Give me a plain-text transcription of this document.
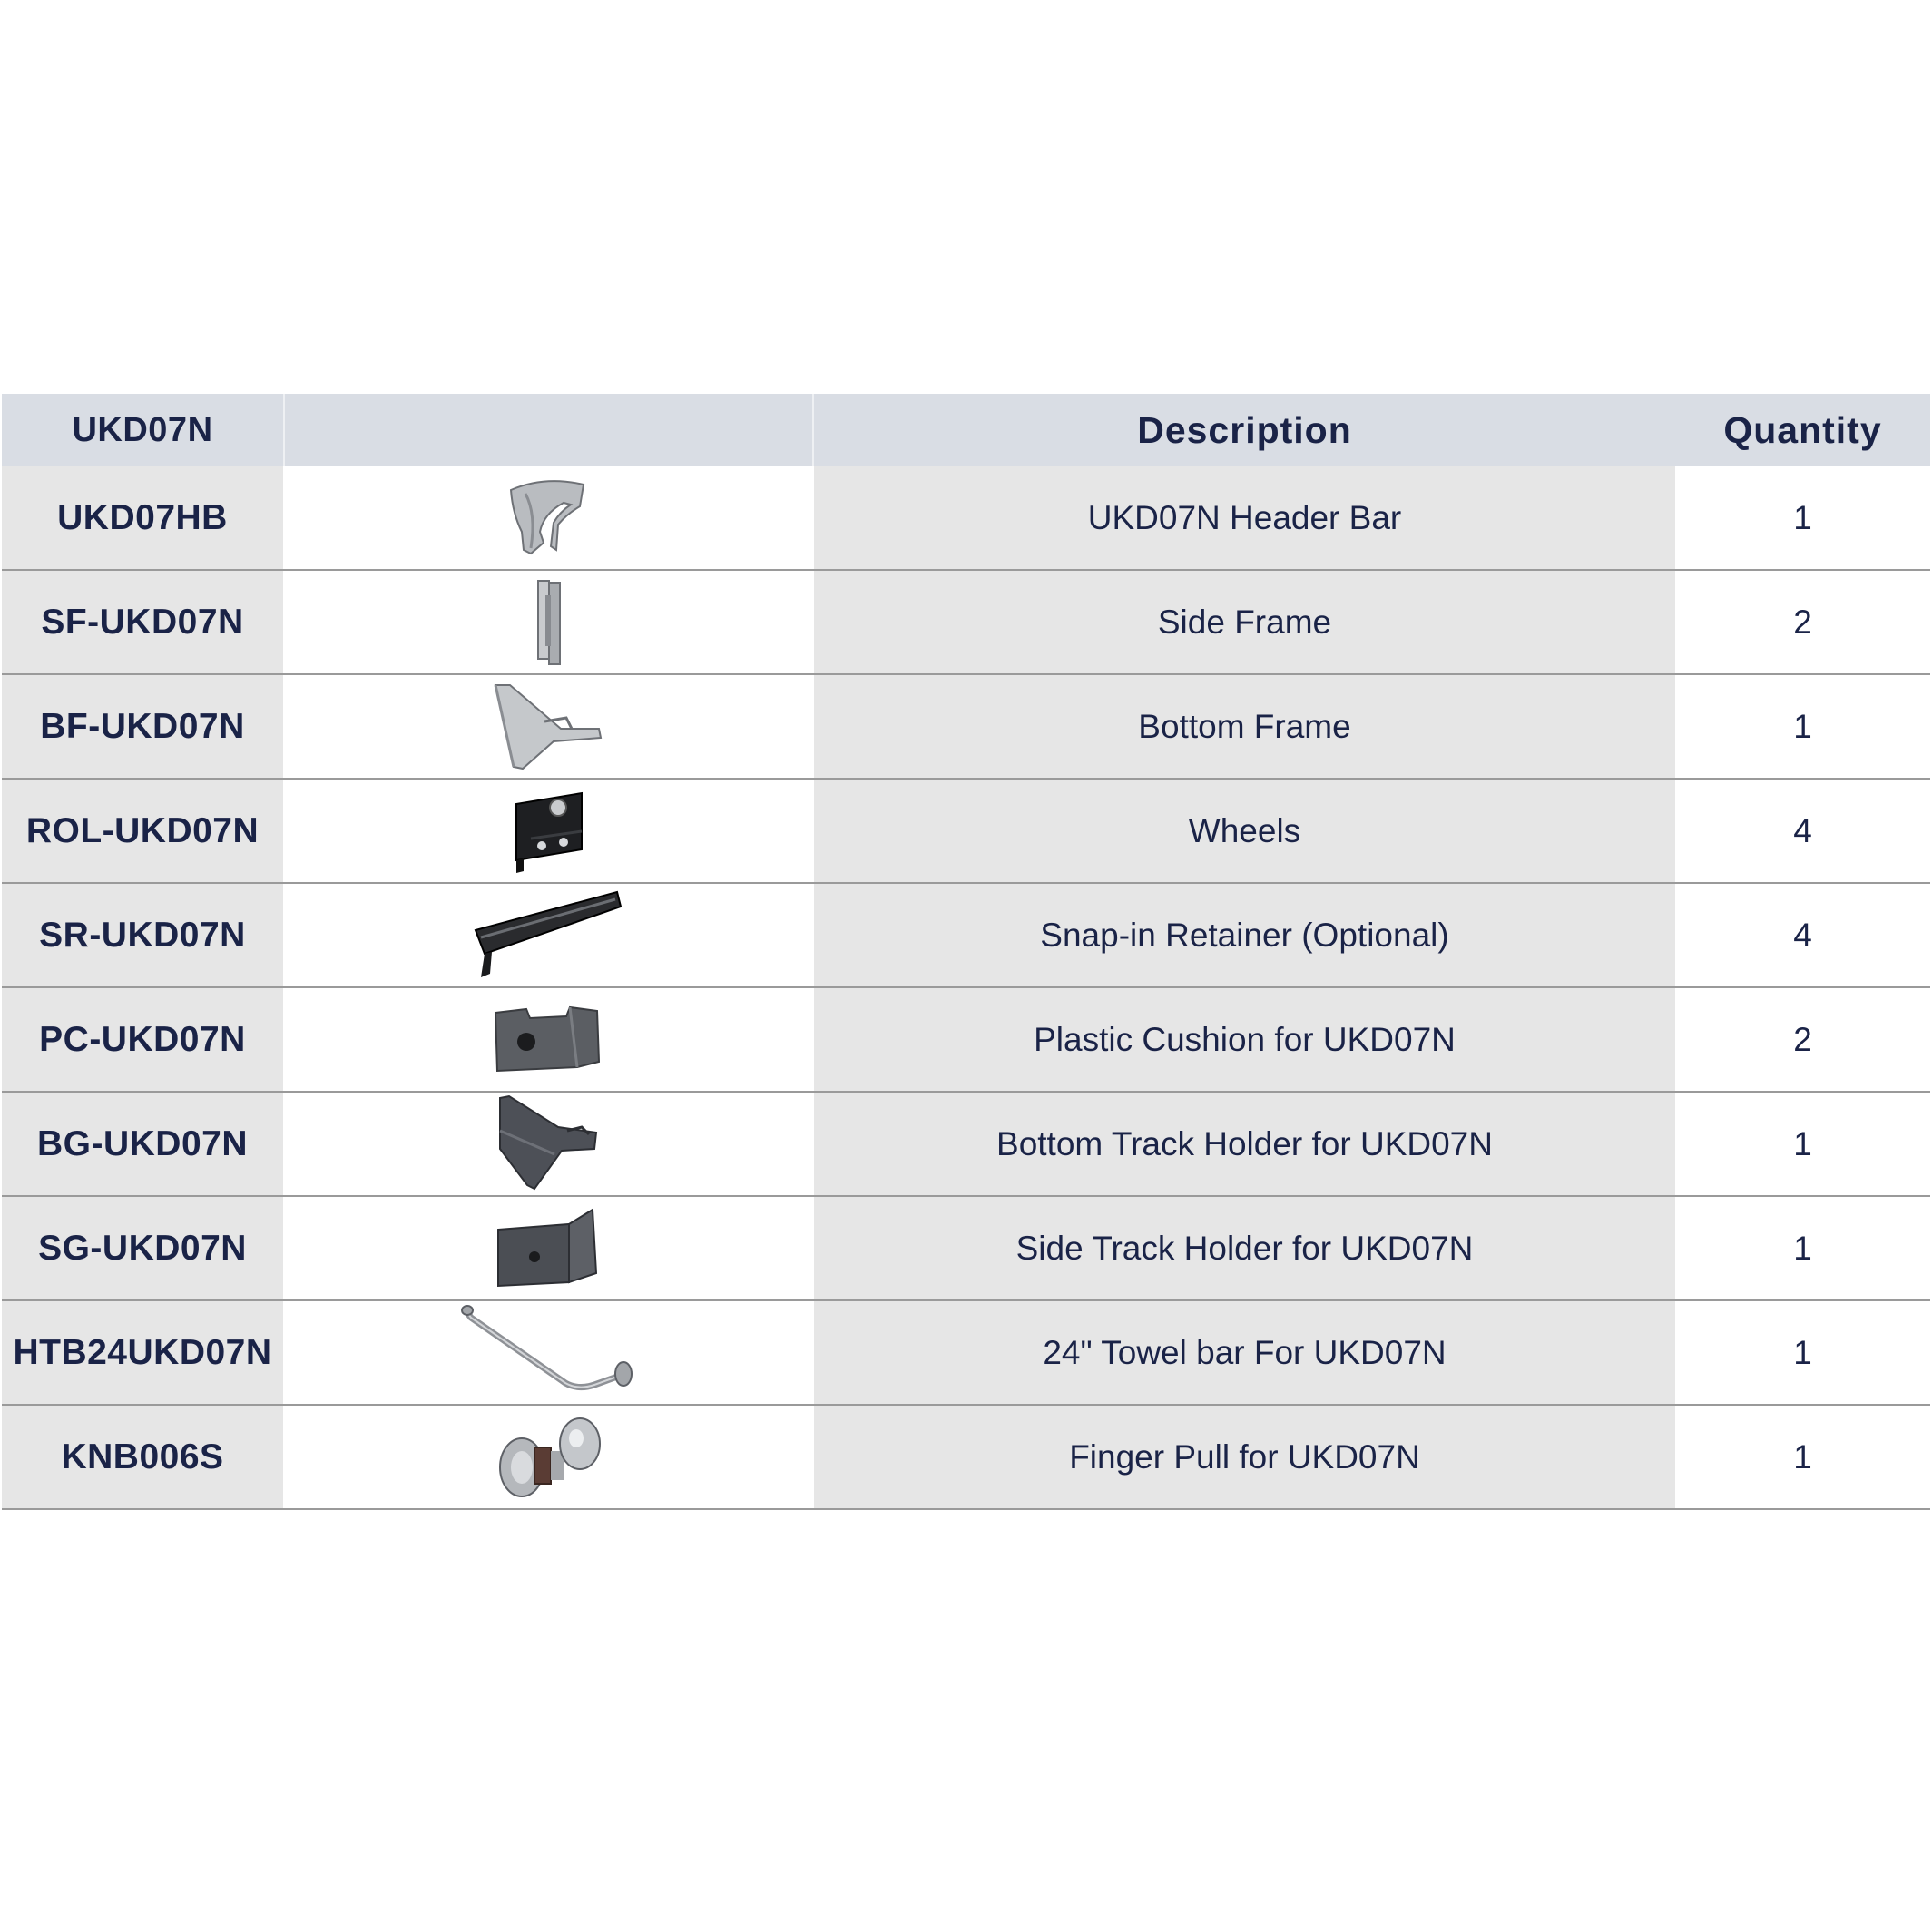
UKD07N	Description	Quantity
UKD07HB	UKD07N Header Bar	1
SF-UKD07N	Side Frame	2
BF-UKD07N	Bottom Frame	1
ROL-UKD07N	Wheels	4
SR-UKD07N	Snap-in Retainer (Optional)	4
PC-UKD07N	Plastic Cushion for UKD07N	2
BG-UKD07N	Bottom Track Holder for UKD07N	1
SG-UKD07N	Side Track Holder for UKD07N	1
HTB24UKD07N	24" Towel bar For UKD07N	1
KNB006S	Finger Pull for UKD07N	1
